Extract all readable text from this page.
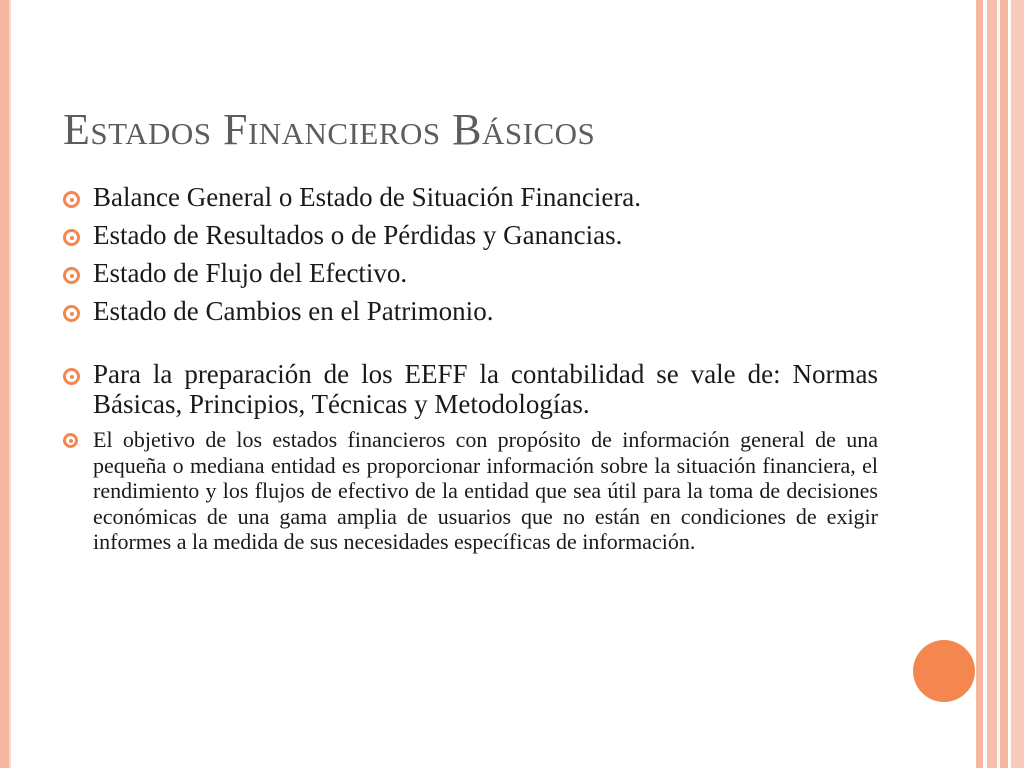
Estados Financieros Básicos
Balance General o Estado de Situación Financiera.
Estado de Resultados o de Pérdidas y Ganancias.
Estado de Flujo del Efectivo.
Estado de Cambios en el Patrimonio.
Para la preparación de los EEFF la contabilidad se vale de: Normas Básicas, Principios, Técnicas y Metodologías.
El objetivo de los estados financieros con propósito de información general de una pequeña o mediana entidad es proporcionar información sobre la situación financiera, el rendimiento y los flujos de efectivo de la entidad que sea útil para la toma de decisiones económicas de una gama amplia de usuarios que no están en condiciones de exigir informes a la medida de sus necesidades específicas de información.
